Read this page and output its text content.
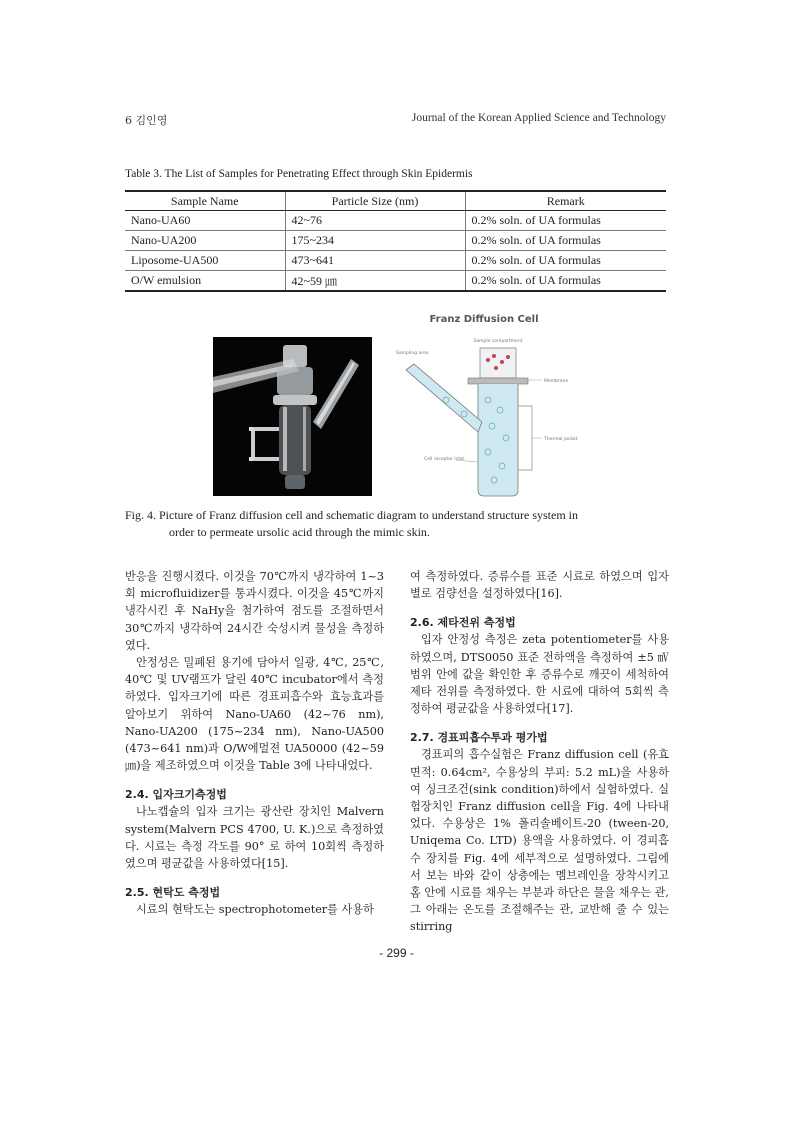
6 김인영	Journal of the Korean Applied Science and Technology
Table 3. The List of Samples for Penetrating Effect through Skin Epidermis
Sample Name	Particle Size (nm)	Remark
Nano-UA60	42~76	0.2% soln. of UA formulas
Nano-UA200	175~234	0.2% soln. of UA formulas
Liposome-UA500	473~641	0.2% soln. of UA formulas
O/W emulsion	42~59 ㎛	0.2% soln. of UA formulas
Franz Diffusion Cell
Sample compartment
Membrane
Thermal jacket
Sampling area
Cell receptor inlet
Fig. 4. Picture of Franz diffusion cell and schematic diagram to understand structure system in
order to permeate ursolic acid through the mimic skin.

반응을 진행시켰다. 이것을 70℃까지 냉각하여 1~3회 microfluidizer를 통과시켰다. 이것을 45℃까지 냉각시킨 후 NaHy을 첨가하여 점도를 조절하면서 30℃까지 냉각하여 24시간 숙성시켜 물성을 측정하였다.

안정성은 밀폐된 용기에 담아서 일광, 4℃, 25℃, 40℃ 및 UV램프가 달린 40℃ incubator에서 측정하였다. 입자크기에 따른 경표피흡수와 효능효과를 알아보기 위하여 Nano-UA60 (42~76 nm), Nano-UA200 (175~234 nm), Nano-UA500 (473~641 nm)과 O/W에멀젼 UA50000 (42~59 ㎛)을 제조하였으며 이것을 Table 3에 나타내었다.

2.4. 입자크기측정법

나노캡슐의 입자 크기는 광산란 장치인 Malvern system(Malvern PCS 4700, U. K.)으로 측정하였다. 시료는 측정 각도를 90° 로 하여 10회씩 측정하였으며 평균값을 사용하였다[15].

2.5. 현탁도 측정법

시료의 현탁도는 spectrophotometer를 사용하

여 측정하였다. 증류수를 표준 시료로 하였으며 입자별로 검량선을 설정하였다[16].

2.6. 제타전위 측정법

입자 안정성 측정은 zeta potentiometer를 사용하였으며, DTS0050 표준 전하액을 측정하여 ±5 ㎷ 범위 안에 값을 확인한 후 증류수로 깨끗이 세척하여 제타 전위를 측정하였다. 한 시료에 대하여 5회씩 측정하여 평균값을 사용하였다[17].

2.7. 경표피흡수투과 평가법

경표피의 흡수실험은 Franz diffusion cell (유효면적: 0.64cm², 수용상의 부피: 5.2 mL)을 사용하여 싱크조건(sink condition)하에서 실험하였다. 실험장치인 Franz diffusion cell을 Fig. 4에 나타내었다. 수용상은 1% 폴리솔베이트-20 (tween-20, Uniqema Co. LTD) 용액을 사용하였다. 이 경피흡수 장치를 Fig. 4에 세부적으로 설명하였다. 그림에서 보는 바와 같이 상층에는 멤브레인을 장착시키고 홈 안에 시료를 채우는 부분과 하단은 물을 채우는 관, 그 아래는 온도를 조절해주는 관, 교반해 줄 수 있는 stirring

- 299 -
